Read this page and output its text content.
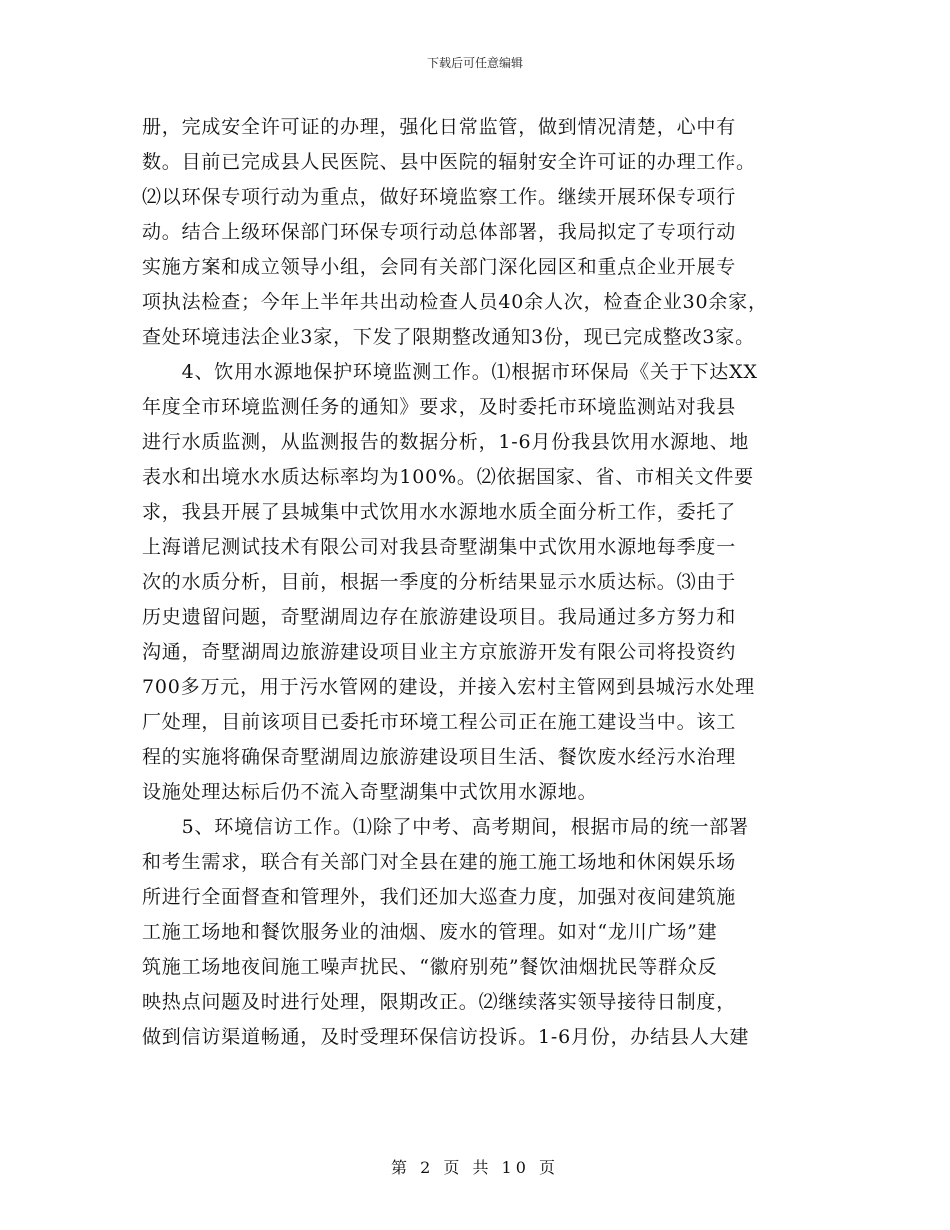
下载后可任意编辑
册，完成安全许可证的办理，强化日常监管，做到情况清楚，心中有
数。目前已完成县人民医院、县中医院的辐射安全许可证的办理工作。
⑵以环保专项行动为重点，做好环境监察工作。继续开展环保专项行
动。结合上级环保部门环保专项行动总体部署，我局拟定了专项行动
实施方案和成立领导小组，会同有关部门深化园区和重点企业开展专
项执法检查；今年上半年共出动检查人员40余人次，检查企业30余家，
查处环境违法企业3家，下发了限期整改通知3份，现已完成整改3家。
　　4、饮用水源地保护环境监测工作。⑴根据市环保局《关于下达XX
年度全市环境监测任务的通知》要求，及时委托市环境监测站对我县
进行水质监测，从监测报告的数据分析，1-6月份我县饮用水源地、地
表水和出境水水质达标率均为100%。⑵依据国家、省、市相关文件要
求，我县开展了县城集中式饮用水水源地水质全面分析工作，委托了
上海谱尼测试技术有限公司对我县奇墅湖集中式饮用水源地每季度一
次的水质分析，目前，根据一季度的分析结果显示水质达标。⑶由于
历史遗留问题，奇墅湖周边存在旅游建设项目。我局通过多方努力和
沟通，奇墅湖周边旅游建设项目业主方京旅游开发有限公司将投资约
700多万元，用于污水管网的建设，并接入宏村主管网到县城污水处理
厂处理，目前该项目已委托市环境工程公司正在施工建设当中。该工
程的实施将确保奇墅湖周边旅游建设项目生活、餐饮废水经污水治理
设施处理达标后仍不流入奇墅湖集中式饮用水源地。
　　5、环境信访工作。⑴除了中考、高考期间，根据市局的统一部署
和考生需求，联合有关部门对全县在建的施工施工场地和休闲娱乐场
所进行全面督查和管理外，我们还加大巡查力度，加强对夜间建筑施
工施工场地和餐饮服务业的油烟、废水的管理。如对“龙川广场”建
筑施工场地夜间施工噪声扰民、“徽府别苑”餐饮油烟扰民等群众反
映热点问题及时进行处理，限期改正。⑵继续落实领导接待日制度，
做到信访渠道畅通，及时受理环保信访投诉。1-6月份，办结县人大建
第 2 页 共 10 页
